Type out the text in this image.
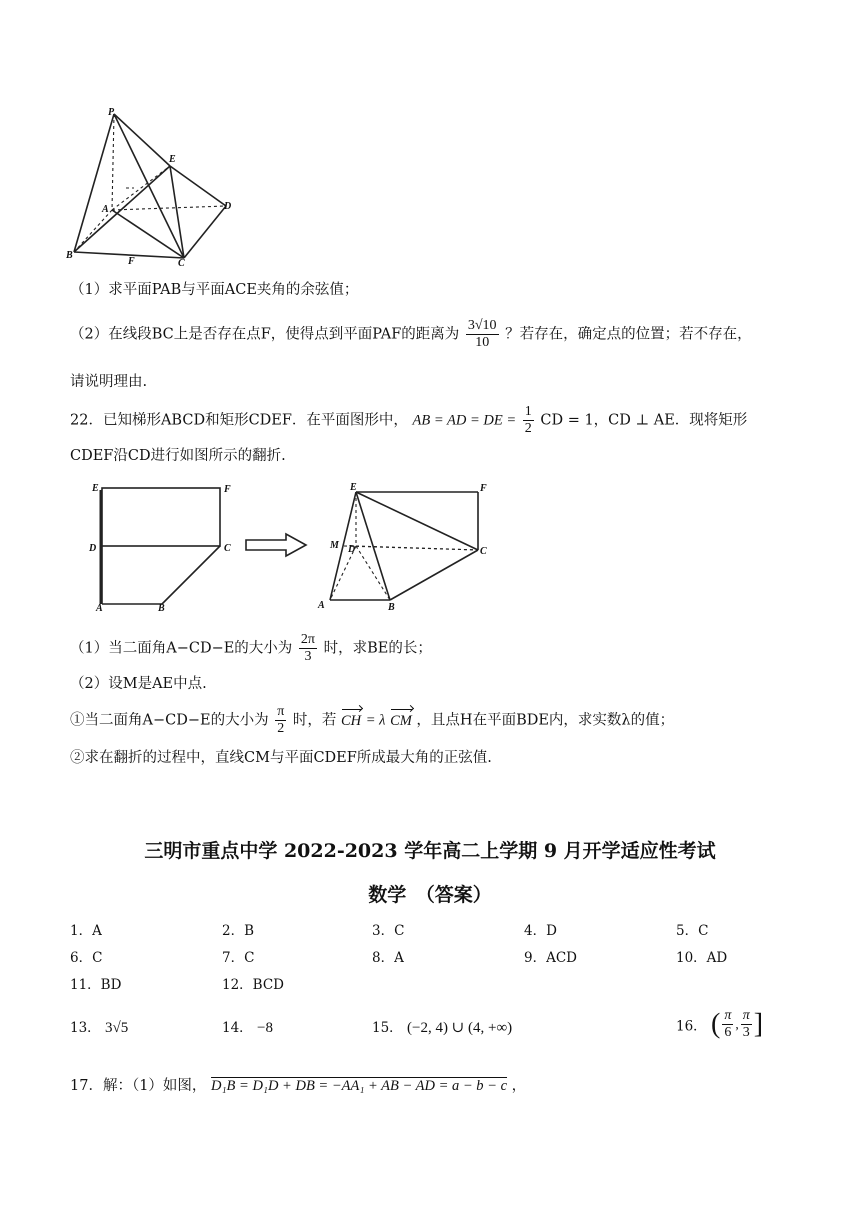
P
E
A	D
B
C
F
（1）求平面PAB与平面ACE夹角的余弦值；
（2）在线段BC上是否存在点F，使得点到平面PAF的距离为 $\frac{3√10}{10}$ ？若存在，确定点的位置；若不存在，
请说明理由.
22．已知梯形ABCD和矩形CDEF．在平面图形中， AB = AD = DE = $\frac{1}{2}$ CD = 1，CD ⊥ AE．现将矩形
CDEF沿CD进行如图所示的翻折.
E	F
D	C
A	B
E	F
M D	C
A	B
（1）当二面角A−CD−E的大小为 $\frac{2\pi}{3}$ 时，求BE的长；
（2）设M是AE中点.
①当二面角A−CD−E的大小为 $\frac{\pi}{2}$ 时，若 CH = λ CM ，且点H在平面BDE内，求实数λ的值；
②求在翻折的过程中，直线CM与平面CDEF所成最大角的正弦值.
三明市重点中学 2022-2023 学年高二上学期 9 月开学适应性考试
数学　（答案）
1．A	2．B	3．C	4．D	5．C
6．C	7．C	8．A	9．ACD	10．AD
11．BD	12．BCD
13． 3√5	14． −8	15． (−2, 4) ∪ (4, +∞)	16． ( $\frac{\pi}{6}$ , $\frac{\pi}{3}$ ]
17．解：（1）如图， D₁B = D₁D + DB = −AA₁ + AB − AD = a − b − c ，
